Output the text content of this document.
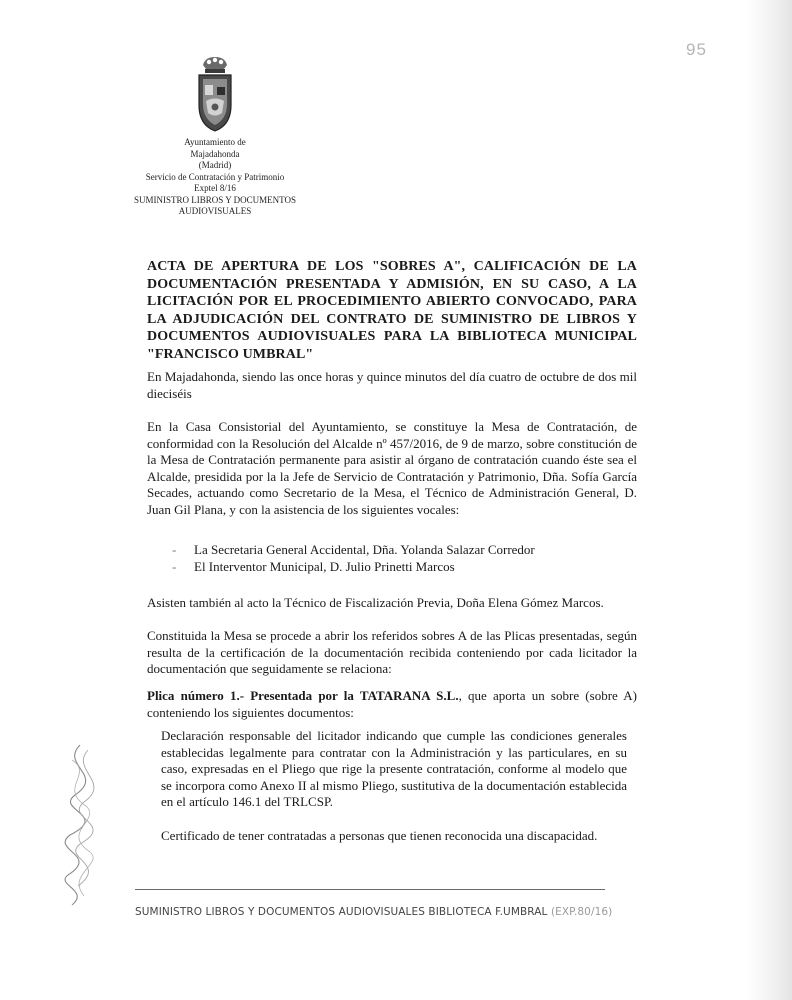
95
Ayuntamiento de
Majadahonda
(Madrid)
Servicio de Contratación y Patrimonio
Exptel 8/16
SUMINISTRO LIBROS Y DOCUMENTOS
AUDIOVISUALES
ACTA DE APERTURA DE LOS "SOBRES A", CALIFICACIÓN DE LA DOCUMENTACIÓN PRESENTADA Y ADMISIÓN, EN SU CASO, A LA LICITACIÓN POR EL PROCEDIMIENTO ABIERTO CONVOCADO, PARA LA ADJUDICACIÓN DEL CONTRATO DE SUMINISTRO DE LIBROS Y DOCUMENTOS AUDIOVISUALES PARA LA BIBLIOTECA MUNICIPAL "FRANCISCO UMBRAL"
En Majadahonda, siendo las once horas y quince minutos del día cuatro de octubre de dos mil dieciséis
En la Casa Consistorial del Ayuntamiento, se constituye la Mesa de Contratación, de conformidad con la Resolución del Alcalde nº 457/2016, de 9 de marzo, sobre constitución de la Mesa de Contratación permanente para asistir al órgano de contratación cuando éste sea el Alcalde, presidida por la la Jefe de Servicio de Contratación y Patrimonio, Dña. Sofía García Secades, actuando como Secretario de la Mesa, el Técnico de Administración General, D. Juan Gil Plana, y con la asistencia de los siguientes vocales:
- La Secretaria General Accidental, Dña. Yolanda Salazar Corredor
- El Interventor Municipal, D. Julio Prinetti Marcos
Asisten también al acto la Técnico de Fiscalización Previa, Doña Elena Gómez Marcos.
Constituida la Mesa se procede a abrir los referidos sobres A de las Plicas presentadas, según resulta de la certificación de la documentación recibida conteniendo por cada licitador la documentación que seguidamente se relaciona:
Plica número 1.- Presentada por la TATARANA S.L., que aporta un sobre (sobre A) conteniendo los siguientes documentos:
Declaración responsable del licitador indicando que cumple las condiciones generales establecidas legalmente para contratar con la Administración y las particulares, en su caso, expresadas en el Pliego que rige la presente contratación, conforme al modelo que se incorpora como Anexo II al mismo Pliego, sustitutiva de la documentación establecida en el artículo 146.1 del TRLCSP.
Certificado de tener contratadas a personas que tienen reconocida una discapacidad.
SUMINISTRO LIBROS Y DOCUMENTOS AUDIOVISUALES BIBLIOTECA F.UMBRAL (EXP.80/16)
